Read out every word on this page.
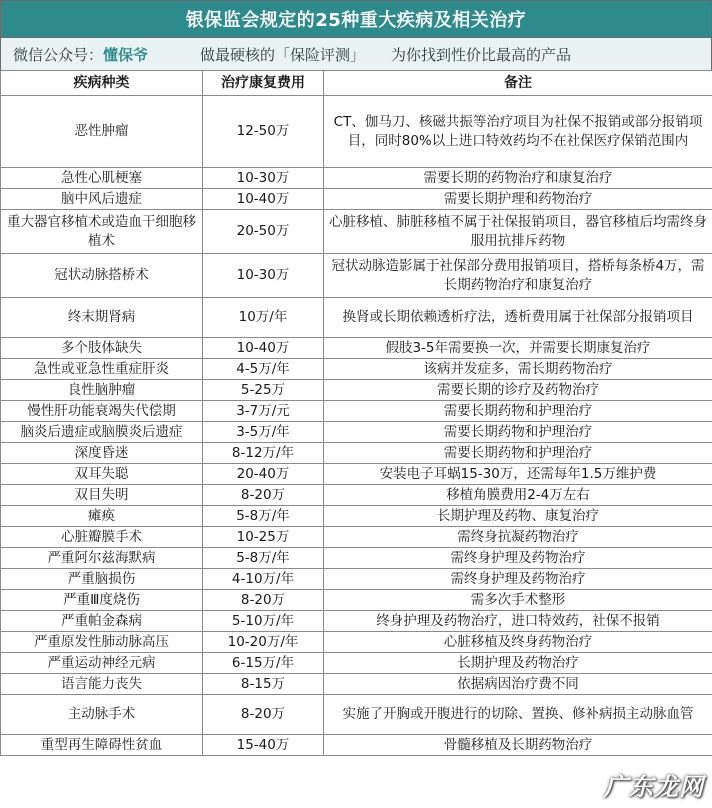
银保监会规定的25种重大疾病及相关治疗
微信公众号： 懂保爷	做最硬核的「保险评测」 为你找到性价比最高的产品
疾病种类	治疗康复费用	备注
恶性肿瘤	12-50万	CT、伽马刀、核磁共振等治疗项目为社保不报销或部分报销项目，同时80%以上进口特效药均不在社保医疗保销范围内
急性心肌梗塞	10-30万	需要长期的药物治疗和康复治疗
脑中风后遗症	10-40万	需要长期护理和药物治疗
重大器官移植术或造血干细胞移植术	20-50万	心脏移植、肺脏移植不属于社保报销项目，器官移植后均需终身服用抗排斥药物
冠状动脉搭桥术	10-30万	冠状动脉造影属于社保部分费用报销项目，搭桥每条桥4万，需长期药物治疗和康复治疗
终末期肾病	10万/年	换肾或长期依赖透析疗法，透析费用属于社保部分报销项目
多个肢体缺失	10-40万	假肢3-5年需要换一次，并需要长期康复治疗
急性或亚急性重症肝炎	4-5万/年	该病并发症多，需长期药物治疗
良性脑肿瘤	5-25万	需要长期的诊疗及药物治疗
慢性肝功能衰竭失代偿期	3-7万/元	需要长期药物和护理治疗
脑炎后遗症或脑膜炎后遗症	3-5万/年	需要长期药物和护理治疗
深度昏迷	8-12万/年	需要长期药物和护理治疗
双耳失聪	20-40万	安装电子耳蜗15-30万，还需每年1.5万维护费
双目失明	8-20万	移植角膜费用2-4万左右
瘫痪	5-8万/年	长期护理及药物、康复治疗
心脏瓣膜手术	10-25万	需终身抗凝药物治疗
严重阿尔兹海默病	5-8万/年	需终身护理及药物治疗
严重脑损伤	4-10万/年	需终身护理及药物治疗
严重Ⅲ度烧伤	8-20万	需多次手术整形
严重帕金森病	5-10万/年	终身护理及药物治疗，进口特效药，社保不报销
严重原发性肺动脉高压	10-20万/年	心脏移植及终身药物治疗
严重运动神经元病	6-15万/年	长期护理及药物治疗
语言能力丧失	8-15万	依据病因治疗费不同
主动脉手术	8-20万	实施了开胸或开腹进行的切除、置换、修补病损主动脉血管
重型再生障碍性贫血	15-40万	骨髓移植及长期药物治疗
广东龙网
